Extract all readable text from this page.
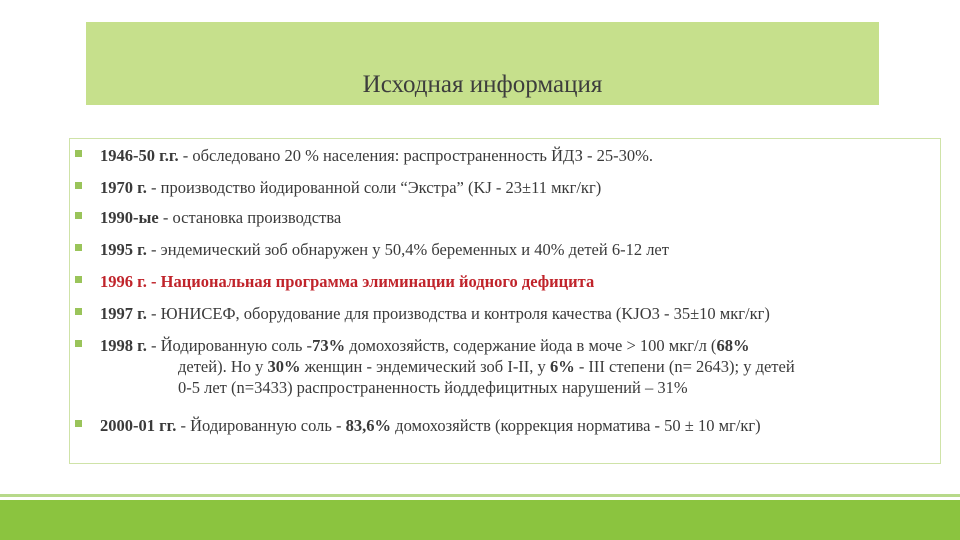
Исходная информация
1946-50 г.г. - обследовано 20 % населения: распространенность ЙДЗ - 25-30%.
1970 г. - производство йодированной соли “Экстра” (KJ - 23±11 мкг/кг)
1990-ые - остановка производства
1995 г. - эндемический зоб обнаружен у 50,4% беременных и 40% детей 6-12 лет
1996 г. - Национальная программа элиминации йодного дефицита
1997 г. - ЮНИСЕФ, оборудование для производства и контроля качества (KJO3 - 35±10 мкг/кг)
1998 г. - Йодированную соль -73% домохозяйств, содержание йода в моче > 100 мкг/л (68%
детей). Но у 30% женщин - эндемический зоб I-II, у 6% - III степени (n= 2643); у детей
0-5 лет (n=3433) распространенность йоддефицитных нарушений – 31%
2000-01 гг. - Йодированную соль - 83,6% домохозяйств (коррекция норматива - 50 ± 10 мг/кг)
